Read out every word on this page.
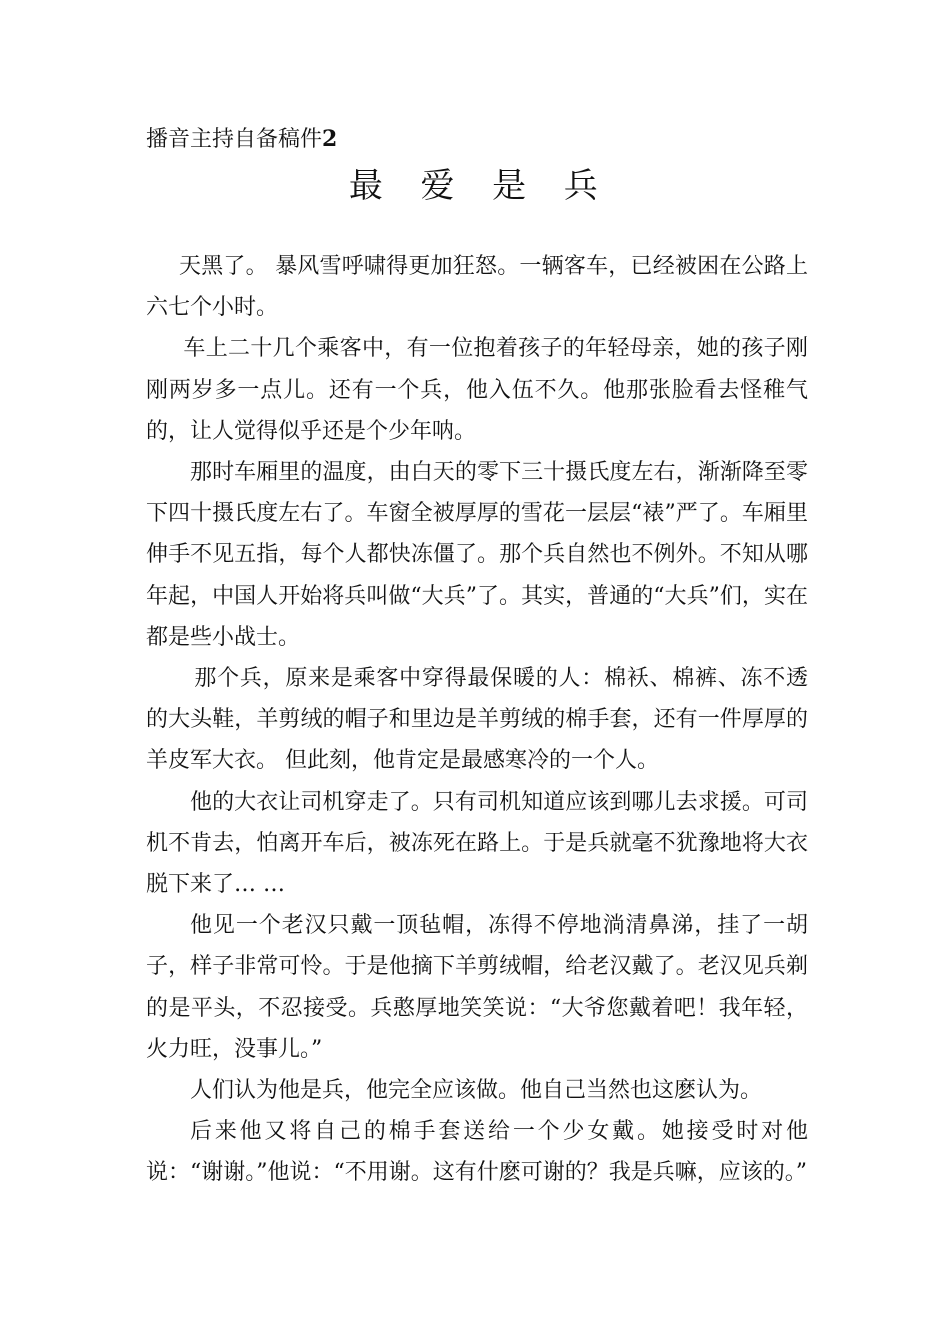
播音主持自备稿件2
最 爱 是 兵

天黑了。 暴风雪呼啸得更加狂怒。一辆客车，已经被困在公路上六七个小时。

车上二十几个乘客中，有一位抱着孩子的年轻母亲，她的孩子刚刚两岁多一点儿。还有一个兵，他入伍不久。他那张脸看去怪稚气的，让人觉得似乎还是个少年呐。

那时车厢里的温度，由白天的零下三十摄氏度左右，渐渐降至零下四十摄氏度左右了。车窗全被厚厚的雪花一层层“裱”严了。车厢里伸手不见五指，每个人都快冻僵了。那个兵自然也不例外。不知从哪年起，中国人开始将兵叫做“大兵”了。其实，普通的“大兵”们，实在都是些小战士。

那个兵，原来是乘客中穿得最保暖的人：棉袄、棉裤、冻不透的大头鞋，羊剪绒的帽子和里边是羊剪绒的棉手套，还有一件厚厚的羊皮军大衣。 但此刻，他肯定是最感寒冷的一个人。

他的大衣让司机穿走了。只有司机知道应该到哪儿去求援。可司机不肯去，怕离开车后，被冻死在路上。于是兵就毫不犹豫地将大衣脱下来了… …

他见一个老汉只戴一顶毡帽，冻得不停地淌清鼻涕，挂了一胡子，样子非常可怜。于是他摘下羊剪绒帽，给老汉戴了。老汉见兵剃的是平头，不忍接受。兵憨厚地笑笑说：“大爷您戴着吧！我年轻，火力旺，没事儿。”

人们认为他是兵，他完全应该做。他自己当然也这麽认为。

后来他又将自己的棉手套送给一个少女戴。她接受时对他说：“谢谢。”他说：“不用谢。这有什麽可谢的？我是兵嘛，应该的。”
